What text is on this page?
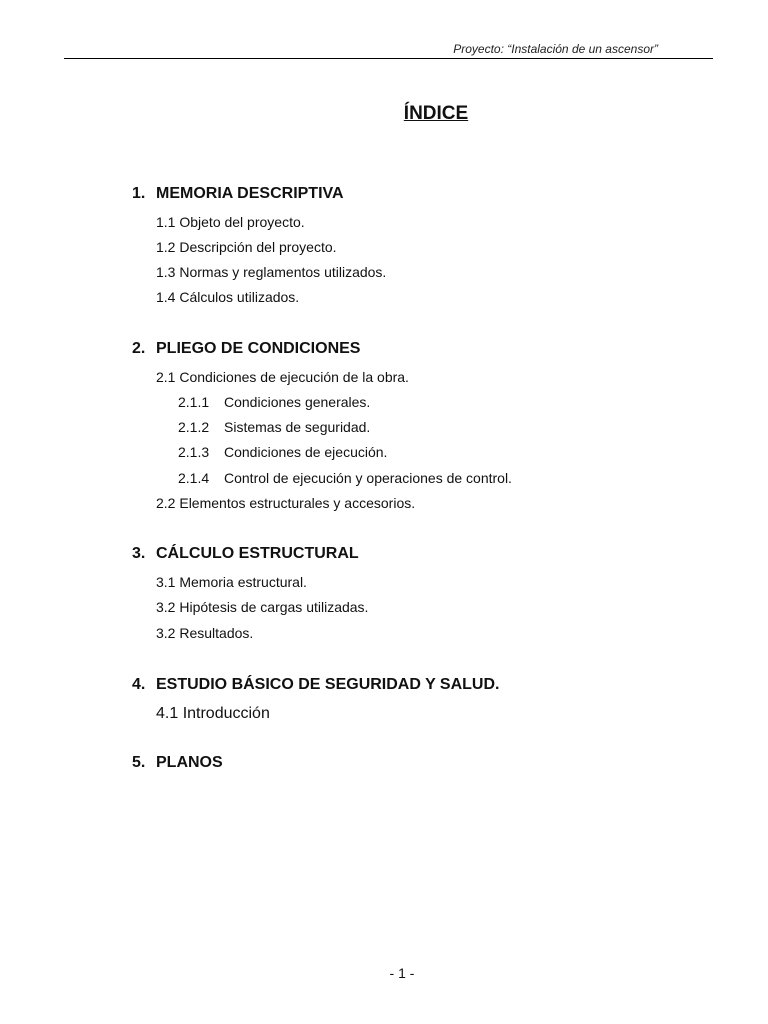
Proyecto: “Instalación de un ascensor”
ÍNDICE
1. MEMORIA DESCRIPTIVA
1.1 Objeto del proyecto.
1.2 Descripción del proyecto.
1.3 Normas y reglamentos utilizados.
1.4 Cálculos utilizados.
2. PLIEGO DE CONDICIONES
2.1 Condiciones de ejecución de la obra.
2.1.1 Condiciones generales.
2.1.2 Sistemas de seguridad.
2.1.3 Condiciones de ejecución.
2.1.4 Control de ejecución y operaciones de control.
2.2 Elementos estructurales y accesorios.
3. CÁLCULO ESTRUCTURAL
3.1 Memoria estructural.
3.2 Hipótesis de cargas utilizadas.
3.2 Resultados.
4. ESTUDIO BÁSICO DE SEGURIDAD Y SALUD.
4.1 Introducción
5. PLANOS
- 1 -
